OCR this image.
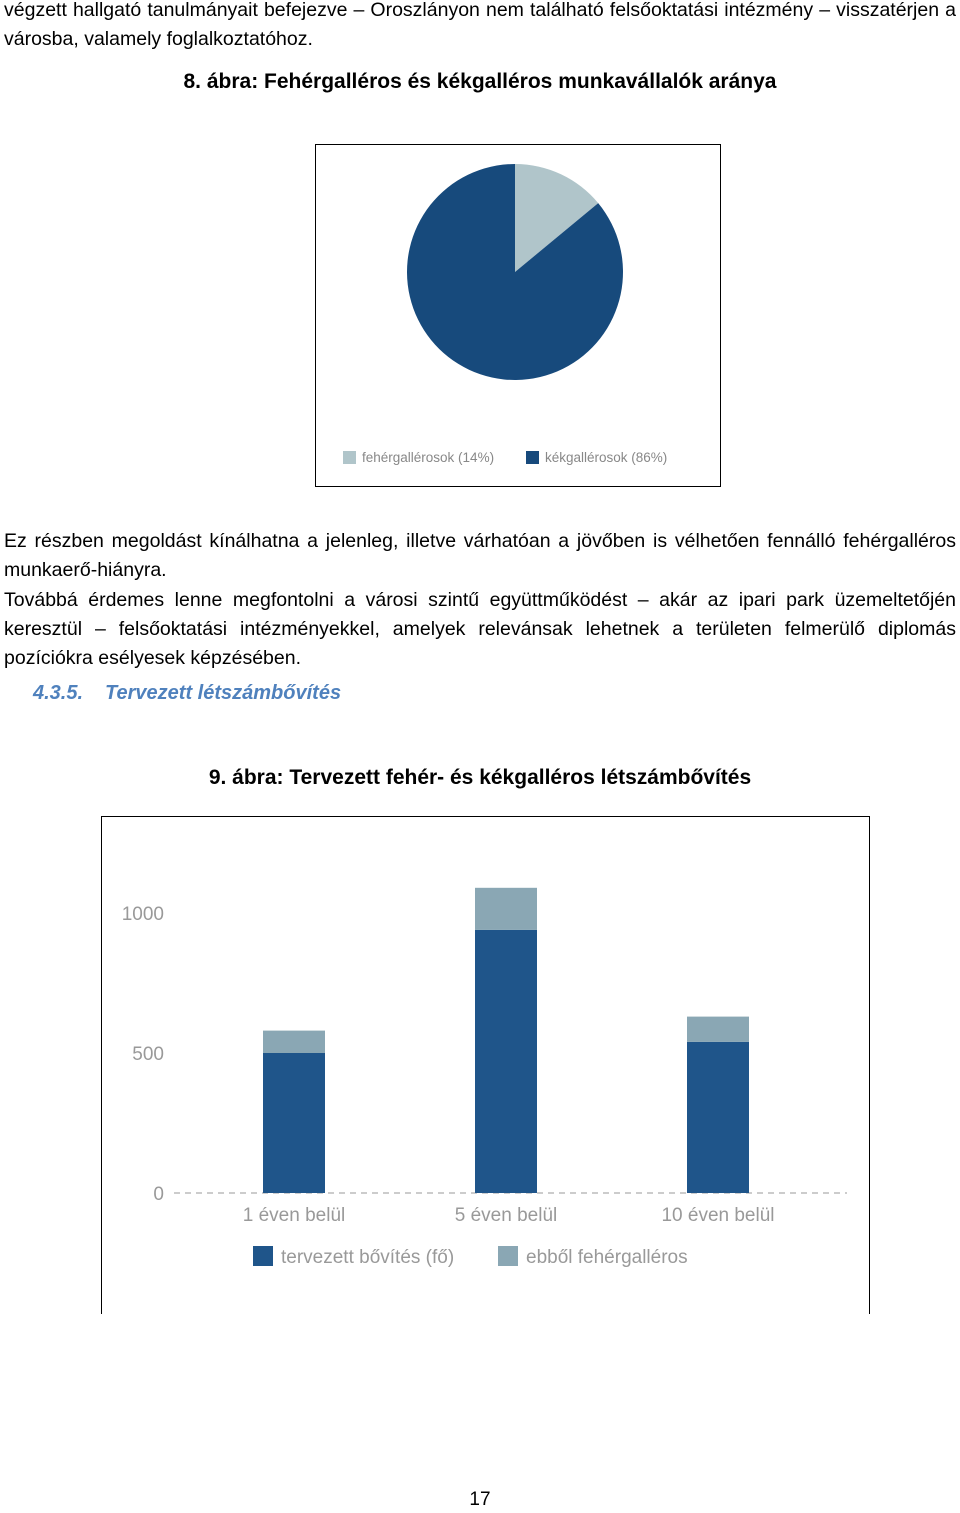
végzett hallgató tanulmányait befejezve – Oroszlányon nem található felsőoktatási intézmény – visszatérjen a városba, valamely foglalkoztatóhoz.

8. ábra: Fehérgalléros és kékgalléros munkavállalók aránya

fehérgallérosok (14%)	kékgallérosok (86%)

Ez részben megoldást kínálhatna a jelenleg, illetve várhatóan a jövőben is vélhetően fennálló fehérgalléros munkaerő-hiányra.

Továbbá érdemes lenne megfontolni a városi szintű együttműködést – akár az ipari park üzemeltetőjén keresztül – felsőoktatási intézményekkel, amelyek relevánsak lehetnek a területen felmerülő diplomás pozíciókra esélyesek képzésében.

4.3.5. Tervezett létszámbővítés

9. ábra: Tervezett fehér- és kékgalléros létszámbővítés

0
500
1000
1 éven belül	5 éven belül	10 éven belül
tervezett bővítés (fő)	ebből fehérgalléros

17
